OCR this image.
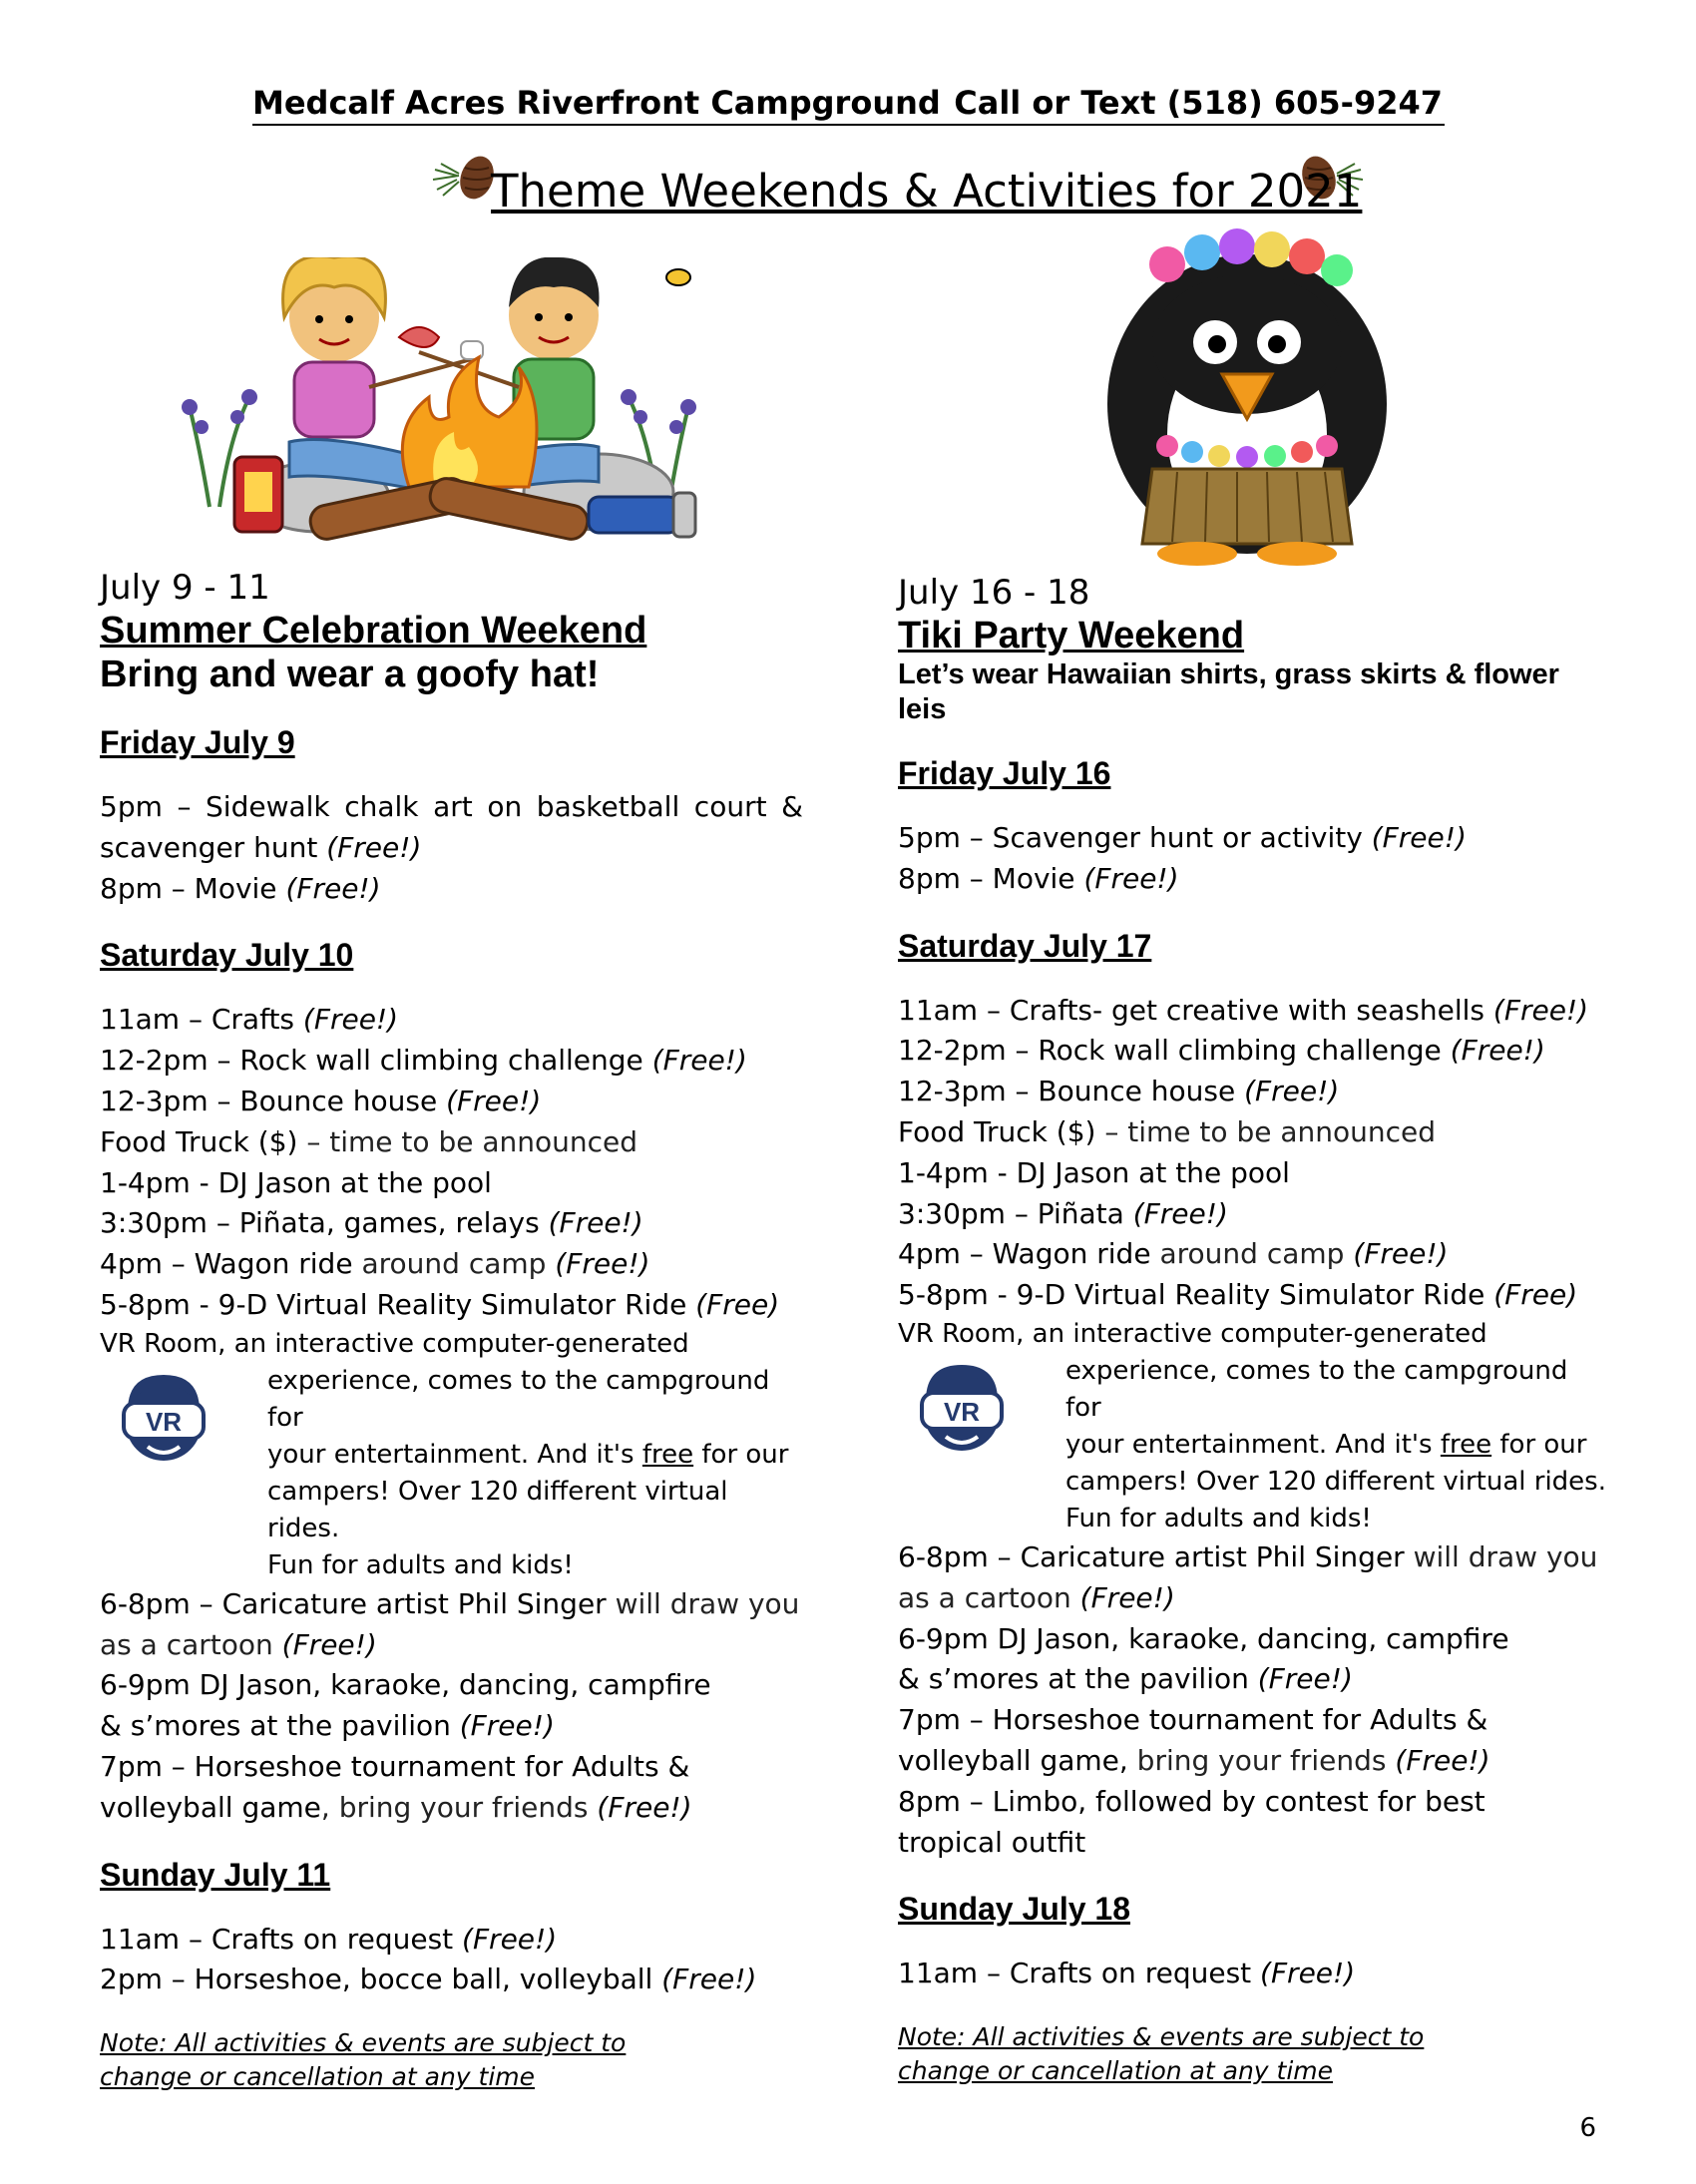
Medcalf Acres Riverfront Campground Call or Text (518) 605-9247
Theme Weekends & Activities for 2021
July 9 - 11
Summer Celebration Weekend
Bring and wear a goofy hat!
Friday July 9
5pm – Sidewalk chalk art on basketball court & scavenger hunt (Free!)
8pm – Movie (Free!)
Saturday July 10
11am – Crafts (Free!)
12-2pm – Rock wall climbing challenge (Free!)
12-3pm – Bounce house (Free!)
Food Truck ($) – time to be announced
1-4pm - DJ Jason at the pool
3:30pm – Piñata, games, relays (Free!)
4pm – Wagon ride around camp (Free!)
5-8pm - 9-D Virtual Reality Simulator Ride (Free)
VR Room, an interactive computer-generated
VR
experience, comes to the campground for
your entertainment. And it's free for our
campers! Over 120 different virtual rides.
Fun for adults and kids!
6-8pm – Caricature artist Phil Singer will draw you as a cartoon (Free!)
6-9pm DJ Jason, karaoke, dancing, campfire & s’mores at the pavilion (Free!)
7pm – Horseshoe tournament for Adults & volleyball game, bring your friends (Free!)
Sunday July 11
11am – Crafts on request (Free!)
2pm – Horseshoe, bocce ball, volleyball (Free!)
Note: All activities & events are subject to change or cancellation at any time
July 16 - 18
Tiki Party Weekend
Let’s wear Hawaiian shirts, grass skirts & flower leis
Friday July 16
5pm – Scavenger hunt or activity (Free!)
8pm – Movie (Free!)
Saturday July 17
11am – Crafts- get creative with seashells (Free!)
12-2pm – Rock wall climbing challenge (Free!)
12-3pm – Bounce house (Free!)
Food Truck ($) – time to be announced
1-4pm - DJ Jason at the pool
3:30pm – Piñata (Free!)
4pm – Wagon ride around camp (Free!)
5-8pm - 9-D Virtual Reality Simulator Ride (Free)
VR Room, an interactive computer-generated
VR
experience, comes to the campground for
your entertainment. And it's free for our
campers! Over 120 different virtual rides.
Fun for adults and kids!
6-8pm – Caricature artist Phil Singer will draw you as a cartoon (Free!)
6-9pm DJ Jason, karaoke, dancing, campfire & s’mores at the pavilion (Free!)
7pm – Horseshoe tournament for Adults & volleyball game, bring your friends (Free!)
8pm – Limbo, followed by contest for best tropical outfit
Sunday July 18
11am – Crafts on request (Free!)
Note: All activities & events are subject to change or cancellation at any time
6
